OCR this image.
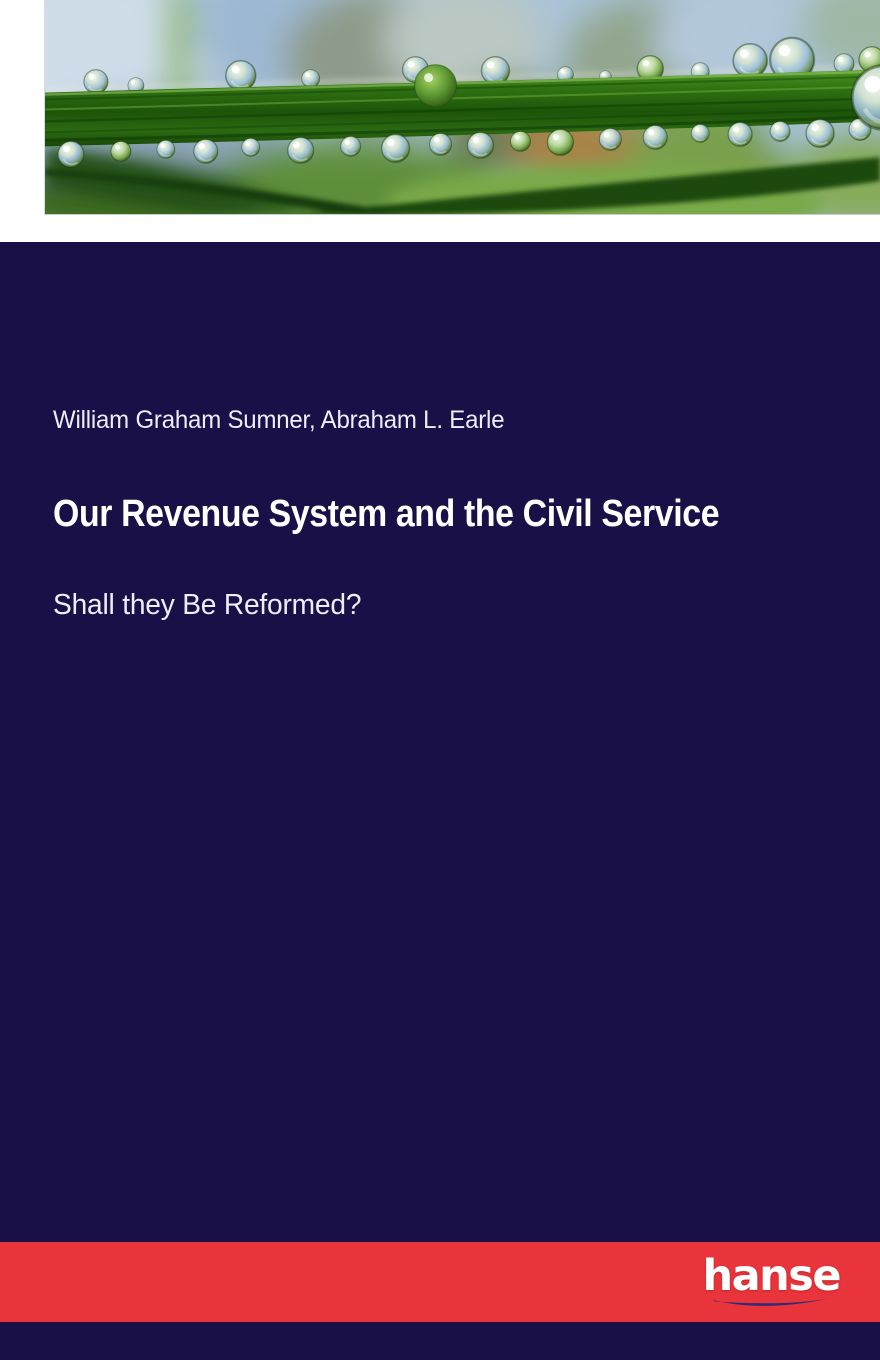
William Graham Sumner, Abraham L. Earle
Our Revenue System and the Civil Service
Shall they Be Reformed?
hanse
